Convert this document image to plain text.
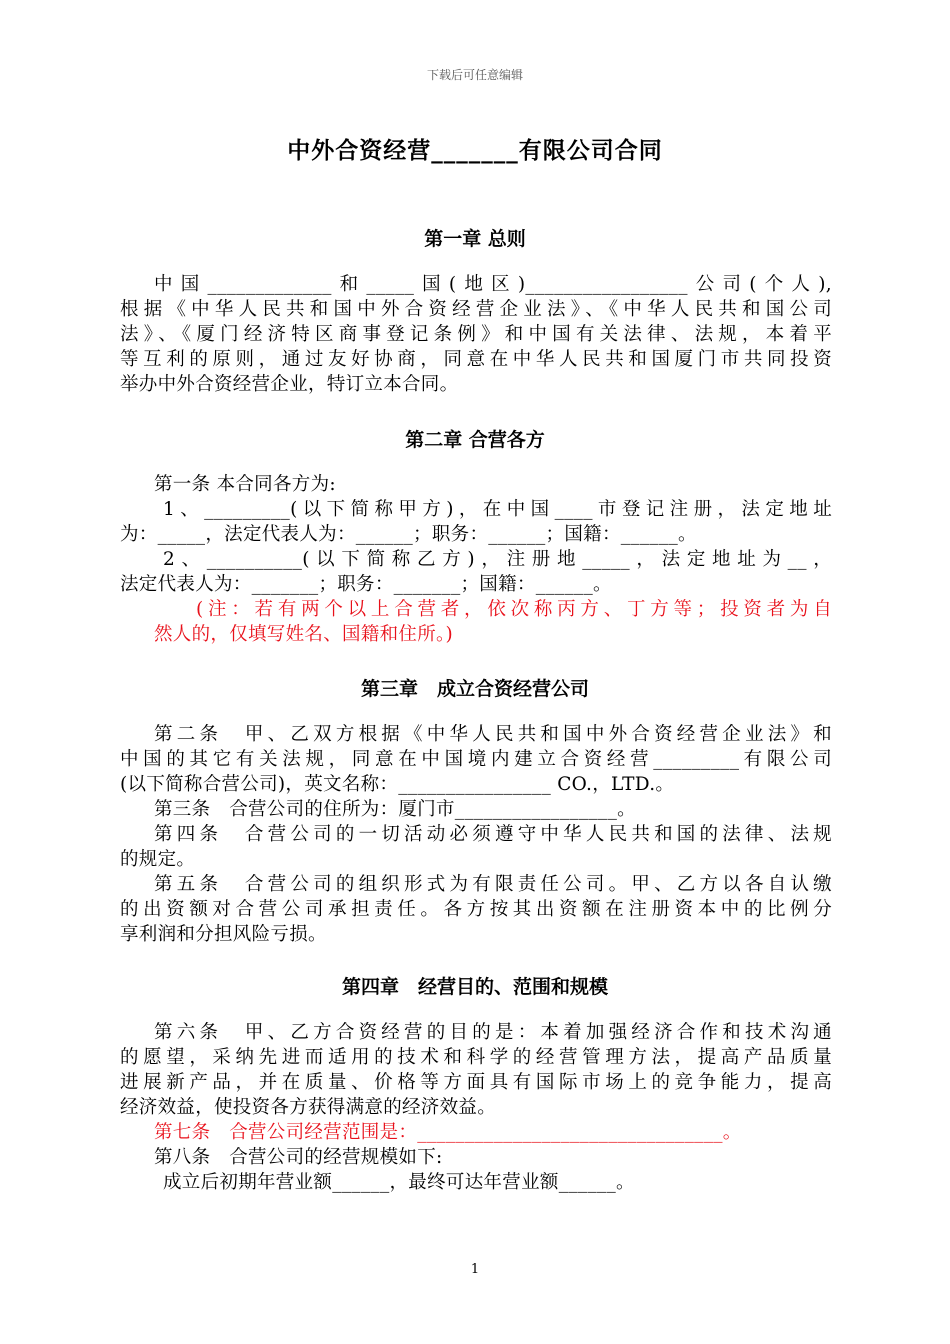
下载后可任意编辑
中外合资经营_______有限公司合同
第一章 总则
中国_____________和_____国(地区)_________________公司(个人),
根据《中华人民共和国中外合资经营企业法》、《中华人民共和国公司
法》、《厦门经济特区商事登记条例》和中国有关法律、法规，本着平
等互利的原则，通过友好协商，同意在中华人民共和国厦门市共同投资
举办中外合资经营企业，特订立本合同。
第二章 合营各方
第一条 本合同各方为:
1、_________(以下简称甲方)，在中国____市登记注册，法定地址
为：_____，法定代表人为：______；职务：______；国籍：______。
2、__________(以下简称乙方)，注册地_____，法定地址为__，
法定代表人为：_______；职务：_______；国籍：______。
(注：若有两个以上合营者，依次称丙方、丁方等；投资者为自
然人的，仅填写姓名、国籍和住所。)
第三章　成立合资经营公司
第二条　甲、乙双方根据《中华人民共和国中外合资经营企业法》和
中国的其它有关法规，同意在中国境内建立合资经营_________有限公司
(以下简称合营公司)，英文名称：________________ CO.，LTD.。
第三条　合营公司的住所为：厦门市_________________。
第四条　合营公司的一切活动必须遵守中华人民共和国的法律、法规
的规定。
第五条　合营公司的组织形式为有限责任公司。甲、乙方以各自认缴
的出资额对合营公司承担责任。各方按其出资额在注册资本中的比例分
享利润和分担风险亏损。
第四章　经营目的、范围和规模
第六条　甲、乙方合资经营的目的是：本着加强经济合作和技术沟通
的愿望，采纳先进而适用的技术和科学的经营管理方法，提高产品质量
进展新产品，并在质量、价格等方面具有国际市场上的竞争能力，提高
经济效益，使投资各方获得满意的经济效益。
第七条　合营公司经营范围是：________________________________。
第八条　合营公司的经营规模如下:
成立后初期年营业额______，最终可达年营业额______。
1
